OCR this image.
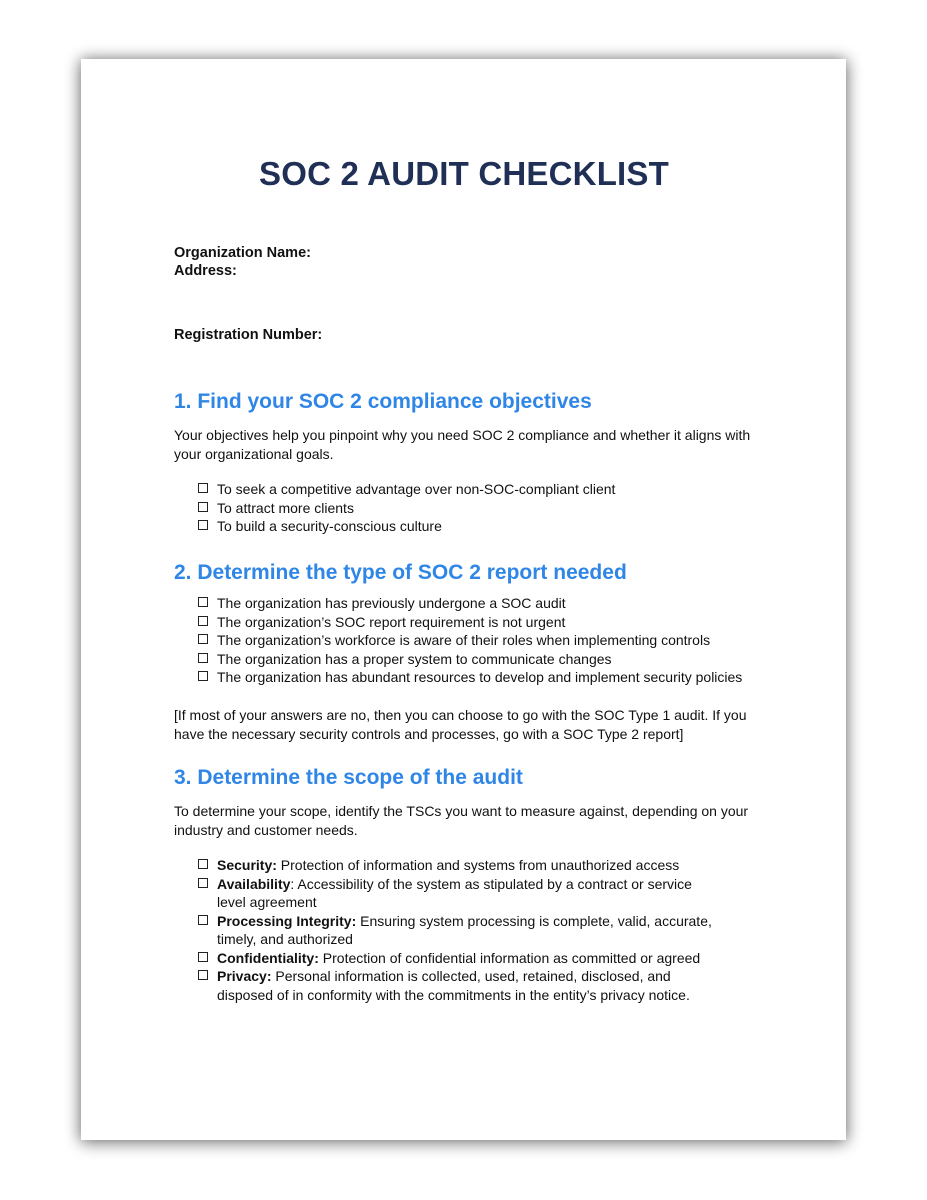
SOC 2 AUDIT CHECKLIST

Organization Name:

Address:

Registration Number:

1. Find your SOC 2 compliance objectives

Your objectives help you pinpoint why you need SOC 2 compliance and whether it aligns with your organizational goals.

To seek a competitive advantage over non-SOC-compliant client
To attract more clients
To build a security-conscious culture
2. Determine the type of SOC 2 report needed
The organization has previously undergone a SOC audit
The organization’s SOC report requirement is not urgent
The organization’s workforce is aware of their roles when implementing controls
The organization has a proper system to communicate changes
The organization has abundant resources to develop and implement security policies

[If most of your answers are no, then you can choose to go with the SOC Type 1 audit. If you have the necessary security controls and processes, go with a SOC Type 2 report]

3. Determine the scope of the audit

To determine your scope, identify the TSCs you want to measure against, depending on your industry and customer needs.

Security: Protection of information and systems from unauthorized access
Availability: Accessibility of the system as stipulated by a contract or service level agreement
Processing Integrity: Ensuring system processing is complete, valid, accurate, timely, and authorized
Confidentiality: Protection of confidential information as committed or agreed
Privacy: Personal information is collected, used, retained, disclosed, and disposed of in conformity with the commitments in the entity’s privacy notice.
